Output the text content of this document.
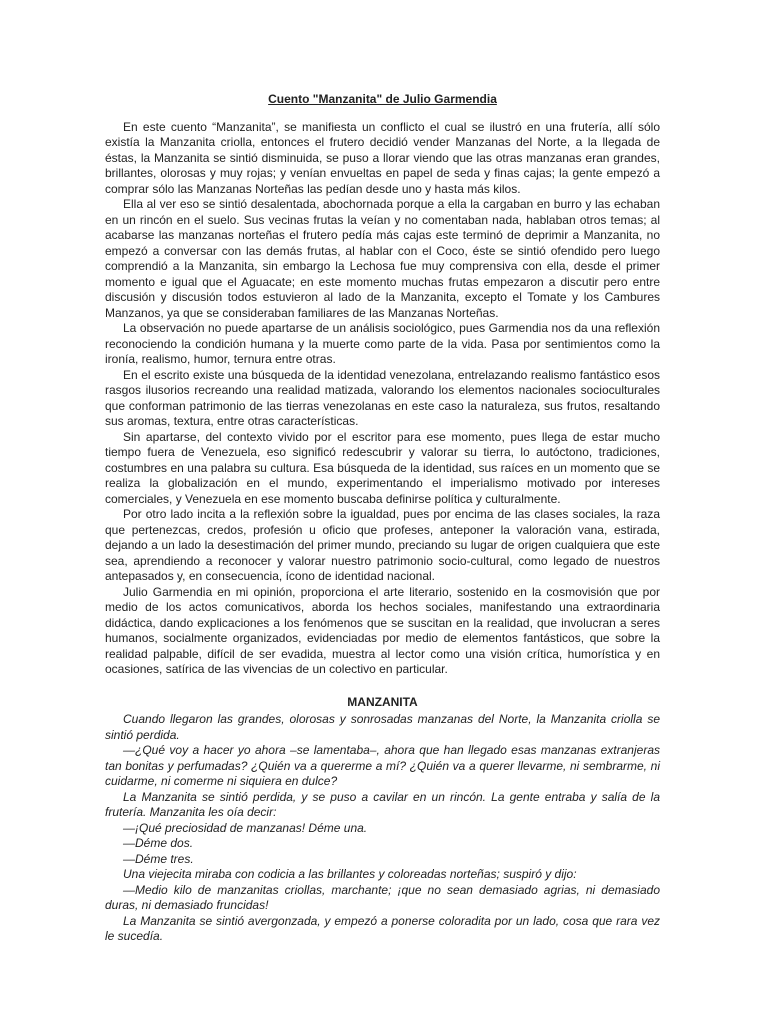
Cuento "Manzanita" de Julio Garmendia

En este cuento “Manzanita”, se manifiesta un conflicto el cual se ilustró en una frutería, allí sólo existía la Manzanita criolla, entonces el frutero decidió vender Manzanas del Norte, a la llegada de éstas, la Manzanita se sintió disminuida, se puso a llorar viendo que las otras manzanas eran grandes, brillantes, olorosas y muy rojas; y venían envueltas en papel de seda y finas cajas; la gente empezó a comprar sólo las Manzanas Norteñas las pedían desde uno y hasta más kilos.

Ella al ver eso se sintió desalentada, abochornada porque a ella la cargaban en burro y las echaban en un rincón en el suelo. Sus vecinas frutas la veían y no comentaban nada, hablaban otros temas; al acabarse las manzanas norteñas el frutero pedía más cajas este terminó de deprimir a Manzanita, no empezó a conversar con las demás frutas, al hablar con el Coco, éste se sintió ofendido pero luego comprendió a la Manzanita, sin embargo la Lechosa fue muy comprensiva con ella, desde el primer momento e igual que el Aguacate; en este momento muchas frutas empezaron a discutir pero entre discusión y discusión todos estuvieron al lado de la Manzanita, excepto el Tomate y los Cambures Manzanos, ya que se consideraban familiares de las Manzanas Norteñas.

La observación no puede apartarse de un análisis sociológico, pues Garmendia nos da una reflexión reconociendo la condición humana y la muerte como parte de la vida. Pasa por sentimientos como la ironía, realismo, humor, ternura entre otras.

En el escrito existe una búsqueda de la identidad venezolana, entrelazando realismo fantástico esos rasgos ilusorios recreando una realidad matizada, valorando los elementos nacionales socioculturales que conforman patrimonio de las tierras venezolanas en este caso la naturaleza, sus frutos, resaltando sus aromas, textura, entre otras características.

Sin apartarse, del contexto vivido por el escritor para ese momento, pues llega de estar mucho tiempo fuera de Venezuela, eso significó redescubrir y valorar su tierra, lo autóctono, tradiciones, costumbres en una palabra su cultura. Esa búsqueda de la identidad, sus raíces en un momento que se realiza la globalización en el mundo, experimentando el imperialismo motivado por intereses comerciales, y Venezuela en ese momento buscaba definirse política y culturalmente.

Por otro lado incita a la reflexión sobre la igualdad, pues por encima de las clases sociales, la raza que pertenezcas, credos, profesión u oficio que profeses, anteponer la valoración vana, estirada, dejando a un lado la desestimación del primer mundo, preciando su lugar de origen cualquiera que este sea, aprendiendo a reconocer y valorar nuestro patrimonio socio-cultural, como legado de nuestros antepasados y, en consecuencia, ícono de identidad nacional.

Julio Garmendia en mi opinión, proporciona el arte literario, sostenido en la cosmovisión que por medio de los actos comunicativos, aborda los hechos sociales, manifestando una extraordinaria didáctica, dando explicaciones a los fenómenos que se suscitan en la realidad, que involucran a seres humanos, socialmente organizados, evidenciadas por medio de elementos fantásticos, que sobre la realidad palpable, difícil de ser evadida, muestra al lector como una visión crítica, humorística y en ocasiones, satírica de las vivencias de un colectivo en particular.

MANZANITA

Cuando llegaron las grandes, olorosas y sonrosadas manzanas del Norte, la Manzanita criolla se sintió perdida.

—¿Qué voy a hacer yo ahora –se lamentaba–, ahora que han llegado esas manzanas extranjeras tan bonitas y perfumadas? ¿Quién va a quererme a mí? ¿Quién va a querer llevarme, ni sembrarme, ni cuidarme, ni comerme ni siquiera en dulce?

La Manzanita se sintió perdida, y se puso a cavilar en un rincón. La gente entraba y salía de la frutería. Manzanita les oía decir:

—¡Qué preciosidad de manzanas! Déme una.

—Déme dos.

—Déme tres.

Una viejecita miraba con codicia a las brillantes y coloreadas norteñas; suspiró y dijo:

—Medio kilo de manzanitas criollas, marchante; ¡que no sean demasiado agrias, ni demasiado duras, ni demasiado fruncidas!

La Manzanita se sintió avergonzada, y empezó a ponerse coloradita por un lado, cosa que rara vez le sucedía.
